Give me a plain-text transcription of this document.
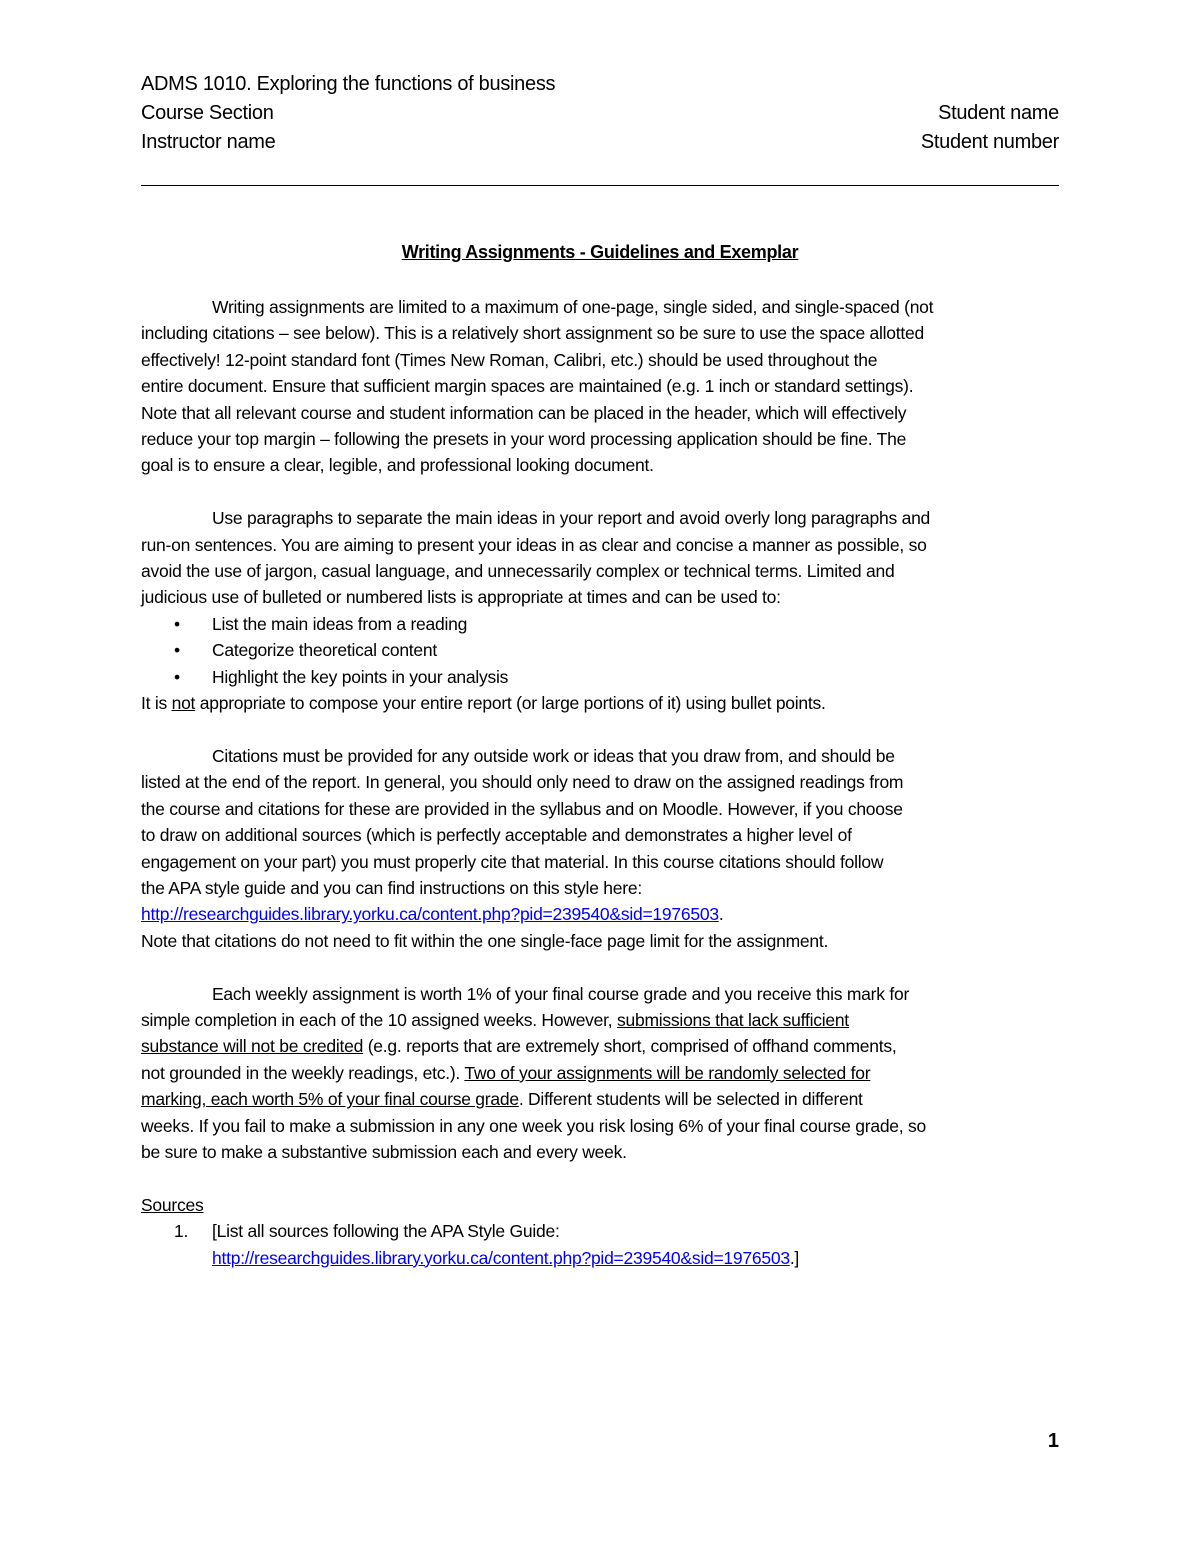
ADMS 1010. Exploring the functions of business
Course Section	Student name
Instructor name	Student number
Writing Assignments - Guidelines and Exemplar

Writing assignments are limited to a maximum of one-page, single sided, and single-spaced (not
including citations – see below). This is a relatively short assignment so be sure to use the space allotted
effectively! 12-point standard font (Times New Roman, Calibri, etc.) should be used throughout the
entire document. Ensure that sufficient margin spaces are maintained (e.g. 1 inch or standard settings).
Note that all relevant course and student information can be placed in the header, which will effectively
reduce your top margin – following the presets in your word processing application should be fine. The
goal is to ensure a clear, legible, and professional looking document.

Use paragraphs to separate the main ideas in your report and avoid overly long paragraphs and
run-on sentences. You are aiming to present your ideas in as clear and concise a manner as possible, so
avoid the use of jargon, casual language, and unnecessarily complex or technical terms. Limited and
judicious use of bulleted or numbered lists is appropriate at times and can be used to:

• List the main ideas from a reading
• Categorize theoretical content
• Highlight the key points in your analysis

It is not appropriate to compose your entire report (or large portions of it) using bullet points.

Citations must be provided for any outside work or ideas that you draw from, and should be
listed at the end of the report. In general, you should only need to draw on the assigned readings from
the course and citations for these are provided in the syllabus and on Moodle. However, if you choose
to draw on additional sources (which is perfectly acceptable and demonstrates a higher level of
engagement on your part) you must properly cite that material. In this course citations should follow
the APA style guide and you can find instructions on this style here:

http://researchguides.library.yorku.ca/content.php?pid=239540&sid=1976503.

Note that citations do not need to fit within the one single-face page limit for the assignment.

Each weekly assignment is worth 1% of your final course grade and you receive this mark for
simple completion in each of the 10 assigned weeks. However, submissions that lack sufficient
substance will not be credited (e.g. reports that are extremely short, comprised of offhand comments,
not grounded in the weekly readings, etc.). Two of your assignments will be randomly selected for
marking, each worth 5% of your final course grade. Different students will be selected in different
weeks. If you fail to make a submission in any one week you risk losing 6% of your final course grade, so
be sure to make a substantive submission each and every week.

Sources

1. [List all sources following the APA Style Guide:
http://researchguides.library.yorku.ca/content.php?pid=239540&sid=1976503.]
1
